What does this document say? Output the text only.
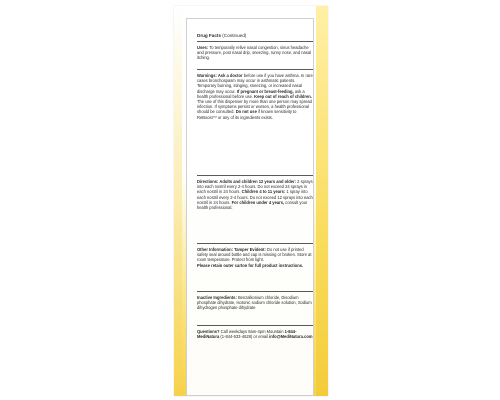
Drug Facts (Continued)
Uses: To temporarily relive nasal congestion, sinus headache and pressure, post nasal drip, sneezing, runny nose, and nasal itching.
Warnings: Ask a doctor before use if you have asthma. In rare cases bronchospasm may occur in asthmatic patients. Temporary burning, stinging, sneezing, or increased nasal discharge may occur. If pregnant or breast-feeding, ask a health professional before use. Keep out of reach of children. The use of this dispenser by more than one person may spread infection. If symptoms persist or worsen, a health professional should be consulted. Do not use if known sensitivity to ReBoost™ or any of its ingredients exists.
Directions: Adults and children 12 years and older: 2 sprays into each nostril every 2-4 hours. Do not exceed 24 sprays in each nostril in 24 hours. Children 4 to 11 years: 1 spray into each nostril every 2-4 hours. Do not exceed 12 sprays into each nostril in 24 hours. For children under 4 years, consult your health professional.
Other Information: Tamper Evident: Do not use if printed safety seal around bottle and cap is missing or broken. Store at room temperature. Protect from light.
Please retain outer carton for full product instructions.
Inactive Ingredients: Benzalkonium chloride, Disodium phosphate dihydrate, Isotonic sodium chloride solution, Sodium dihydrogen phosphate dihydrate
Questions? Call weekdays 8am-4pm Mountain 1-844-MediNatura (1-844-633-4628) or email info@MediNatura.com
